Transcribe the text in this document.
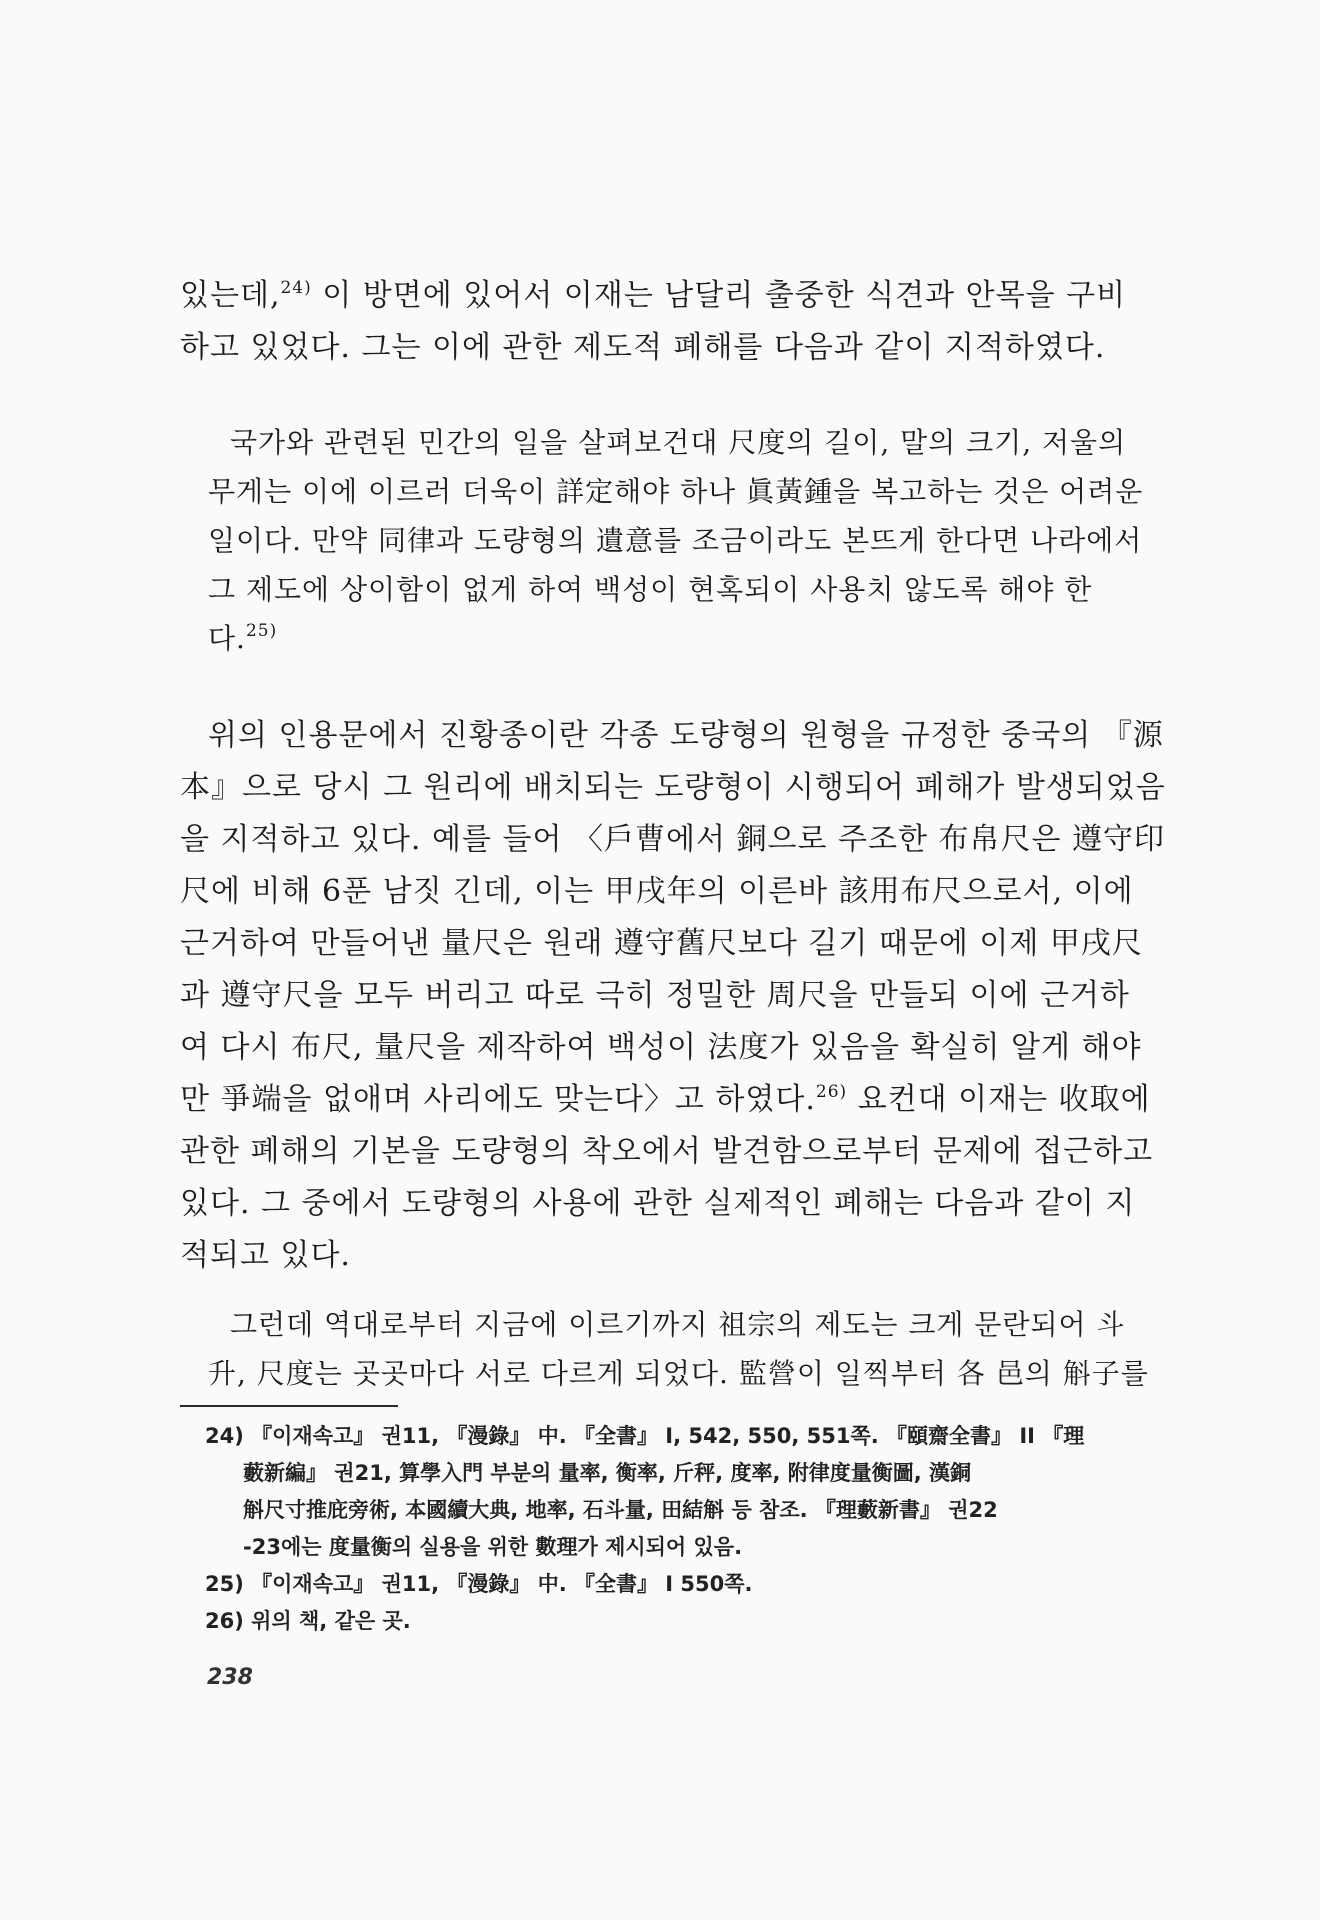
있는데,$^{24)}$ 이 방면에 있어서 이재는 남달리 출중한 식견과 안목을 구비
하고 있었다. 그는 이에 관한 제도적 폐해를 다음과 같이 지적하였다.

국가와 관련된 민간의 일을 살펴보건대 尺度의 길이, 말의 크기, 저울의
무게는 이에 이르러 더욱이 詳定해야 하나 眞黃鍾을 복고하는 것은 어려운
일이다. 만약 同律과 도량형의 遺意를 조금이라도 본뜨게 한다면 나라에서
그 제도에 상이함이 없게 하여 백성이 현혹되이 사용치 않도록 해야 한
다.$^{25)}$

위의 인용문에서 진황종이란 각종 도량형의 원형을 규정한 중국의 『源
本』으로 당시 그 원리에 배치되는 도량형이 시행되어 폐해가 발생되었음
을 지적하고 있다. 예를 들어 〈戶曹에서 銅으로 주조한 布帛尺은 遵守印
尺에 비해 6푼 남짓 긴데, 이는 甲戌年의 이른바 該用布尺으로서, 이에
근거하여 만들어낸 量尺은 원래 遵守舊尺보다 길기 때문에 이제 甲戌尺
과 遵守尺을 모두 버리고 따로 극히 정밀한 周尺을 만들되 이에 근거하
여 다시 布尺, 量尺을 제작하여 백성이 法度가 있음을 확실히 알게 해야
만 爭端을 없애며 사리에도 맞는다〉고 하였다.$^{26)}$ 요컨대 이재는 收取에
관한 폐해의 기본을 도량형의 착오에서 발견함으로부터 문제에 접근하고
있다. 그 중에서 도량형의 사용에 관한 실제적인 폐해는 다음과 같이 지
적되고 있다.

그런데 역대로부터 지금에 이르기까지 祖宗의 제도는 크게 문란되어 斗
升, 尺度는 곳곳마다 서로 다르게 되었다. 監營이 일찍부터 各 邑의 斛子를

24) 『이재속고』 권11, 『漫錄』 中. 『全書』 I, 542, 550, 551쪽. 『頤齋全書』 II 『理
藪新編』 권21, 算學入門 부분의 量率, 衡率, 斤秤, 度率, 附律度量衡圖, 漢銅
斛尺寸推庇旁術, 本國續大典, 地率, 石斗量, 田結斛 등 참조. 『理藪新書』 권22
-23에는 度量衡의 실용을 위한 數理가 제시되어 있음.

25) 『이재속고』 권11, 『漫錄』 中. 『全書』 I 550쪽.

26) 위의 책, 같은 곳.

238
